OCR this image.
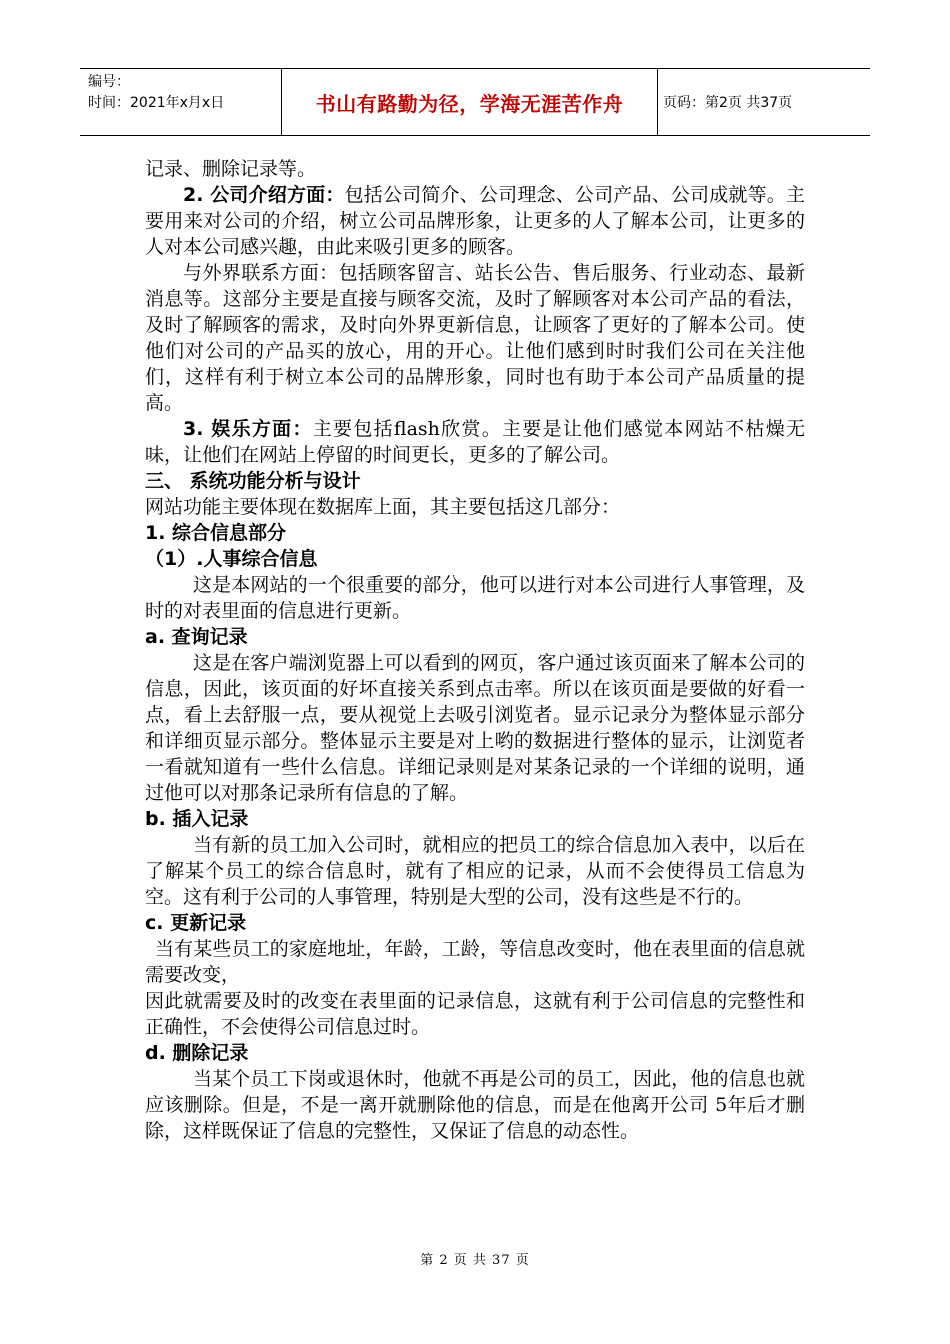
编号：
时间：2021年x月x日	书山有路勤为径，学海无涯苦作舟	页码：第2页 共37页

记录、删除记录等。

2. 公司介绍方面：包括公司简介、公司理念、公司产品、公司成就等。主要用来对公司的介绍，树立公司品牌形象，让更多的人了解本公司，让更多的人对本公司感兴趣，由此来吸引更多的顾客。

与外界联系方面：包括顾客留言、站长公告、售后服务、行业动态、最新消息等。这部分主要是直接与顾客交流，及时了解顾客对本公司产品的看法，及时了解顾客的需求，及时向外界更新信息，让顾客了更好的了解本公司。使他们对公司的产品买的放心，用的开心。让他们感到时时我们公司在关注他们，这样有利于树立本公司的品牌形象，同时也有助于本公司产品质量的提高。

3. 娱乐方面：主要包括flash欣赏。主要是让他们感觉本网站不枯燥无味，让他们在网站上停留的时间更长，更多的了解公司。

三、 系统功能分析与设计

网站功能主要体现在数据库上面，其主要包括这几部分：

1. 综合信息部分

（1）.人事综合信息

这是本网站的一个很重要的部分，他可以进行对本公司进行人事管理，及时的对表里面的信息进行更新。

a. 查询记录

这是在客户端浏览器上可以看到的网页，客户通过该页面来了解本公司的信息，因此，该页面的好坏直接关系到点击率。所以在该页面是要做的好看一点，看上去舒服一点，要从视觉上去吸引浏览者。显示记录分为整体显示部分和详细页显示部分。整体显示主要是对上哟的数据进行整体的显示，让浏览者一看就知道有一些什么信息。详细记录则是对某条记录的一个详细的说明，通过他可以对那条记录所有信息的了解。

b. 插入记录

当有新的员工加入公司时，就相应的把员工的综合信息加入表中，以后在了解某个员工的综合信息时，就有了相应的记录，从而不会使得员工信息为空。这有利于公司的人事管理，特别是大型的公司，没有这些是不行的。

c. 更新记录

当有某些员工的家庭地址，年龄，工龄，等信息改变时，他在表里面的信息就需要改变，

因此就需要及时的改变在表里面的记录信息，这就有利于公司信息的完整性和正确性，不会使得公司信息过时。

d. 删除记录

当某个员工下岗或退休时，他就不再是公司的员工，因此，他的信息也就应该删除。但是，不是一离开就删除他的信息，而是在他离开公司 5年后才删除，这样既保证了信息的完整性，又保证了信息的动态性。

第 2 页 共 37 页
